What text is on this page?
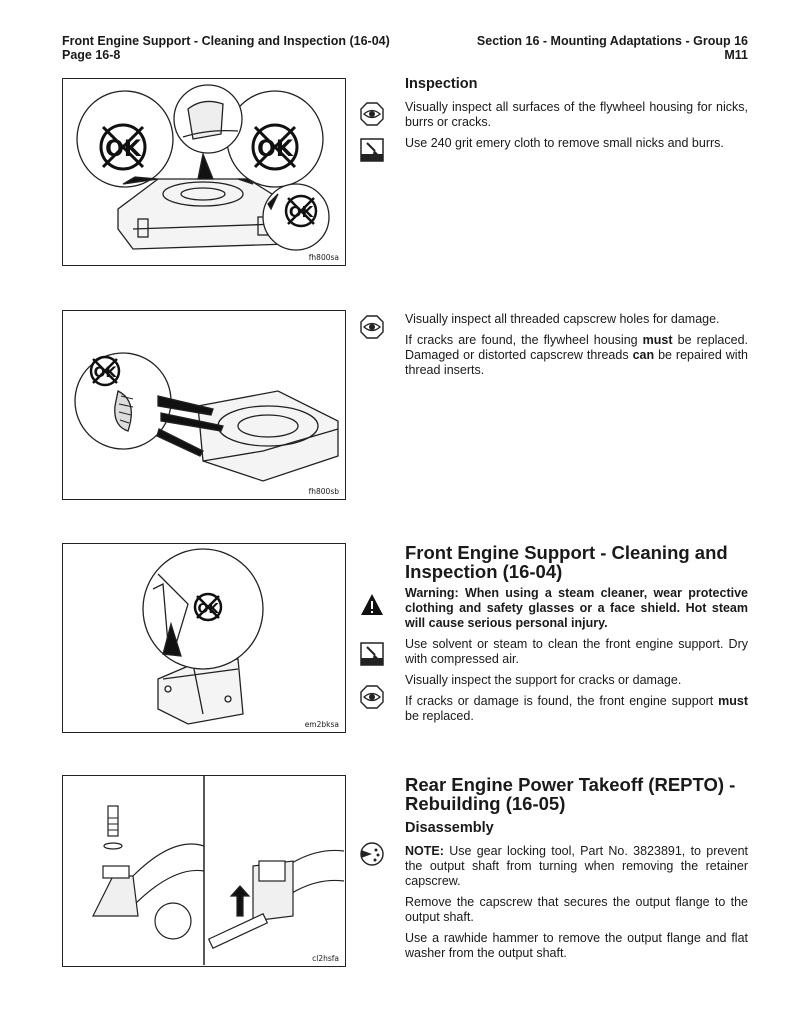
Front Engine Support - Cleaning and Inspection (16-04)
Page 16-8
Section 16 - Mounting Adaptations - Group 16
M11
OK	OK
OK
fh800sa
Inspection

Visually inspect all surfaces of the flywheel housing for nicks, burrs or cracks.

Use 240 grit emery cloth to remove small nicks and burrs.

OK
fh800sb

Visually inspect all threaded capscrew holes for damage.

If cracks are found, the flywheel housing must be replaced. Damaged or distorted capscrew threads can be repaired with thread inserts.

OK
em2bksa
Front Engine Support - Cleaning and Inspection (16-04)

Warning: When using a steam cleaner, wear protective clothing and safety glasses or a face shield. Hot steam will cause serious personal injury.

Use solvent or steam to clean the front engine support. Dry with compressed air.

Visually inspect the support for cracks or damage.

If cracks or damage is found, the front engine support must be replaced.

cl2hsfa
Rear Engine Power Takeoff (REPTO) - Rebuilding (16-05)
Disassembly

NOTE: Use gear locking tool, Part No. 3823891, to prevent the output shaft from turning when removing the retainer capscrew.

Remove the capscrew that secures the output flange to the output shaft.

Use a rawhide hammer to remove the output flange and flat washer from the output shaft.
